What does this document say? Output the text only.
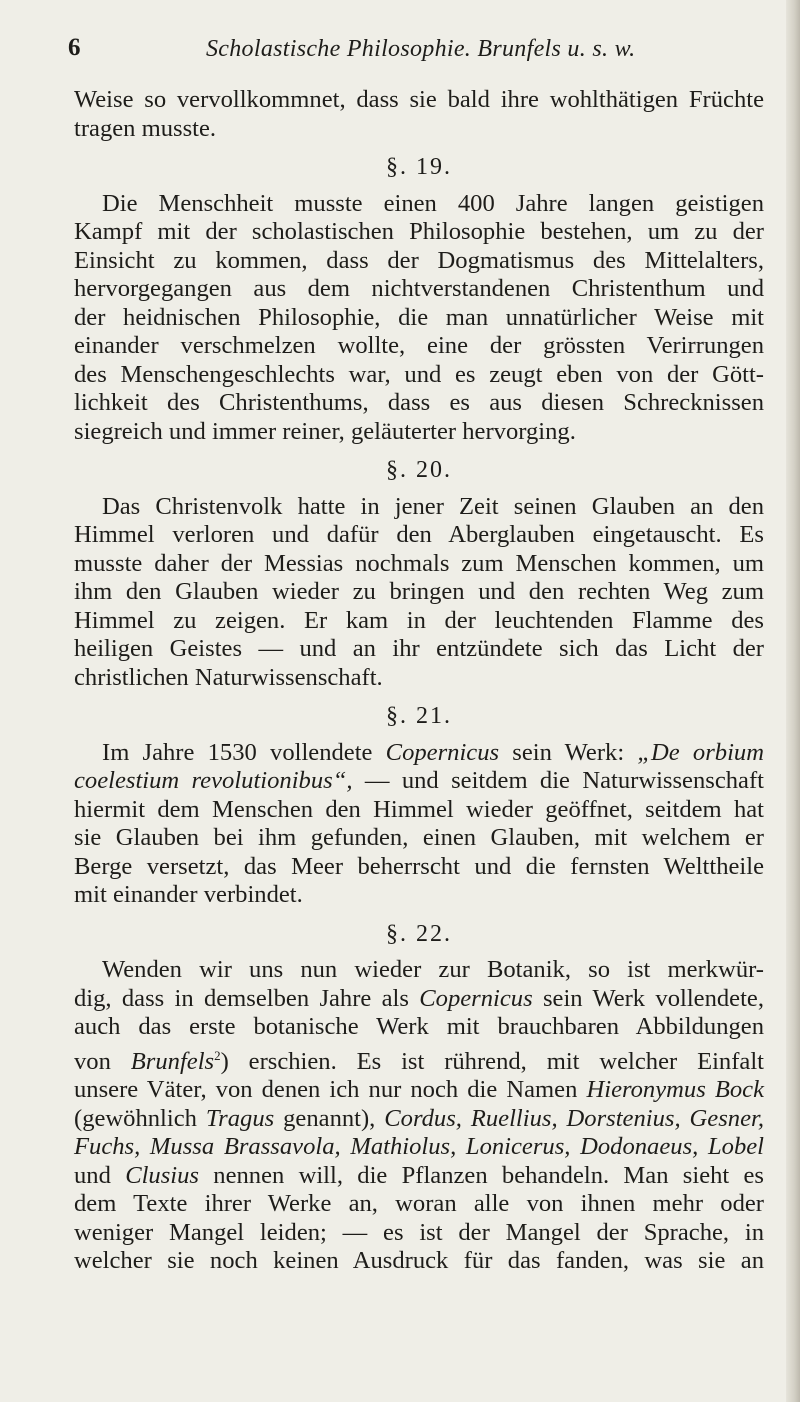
6	Scholastische Philosophie. Brunfels u. s. w.
Weise so vervollkommnet, dass sie bald ihre wohlthätigen Früchte
tragen musste.
§. 19.
Die Menschheit musste einen 400 Jahre langen geistigen
Kampf mit der scholastischen Philosophie bestehen, um zu der
Einsicht zu kommen, dass der Dogmatismus des Mittelalters,
hervorgegangen aus dem nichtverstandenen Christenthum und
der heidnischen Philosophie, die man unnatürlicher Weise mit
einander verschmelzen wollte, eine der grössten Verirrungen
des Menschengeschlechts war, und es zeugt eben von der Gött-
lichkeit des Christenthums, dass es aus diesen Schrecknissen
siegreich und immer reiner, geläuterter hervorging.
§. 20.
Das Christenvolk hatte in jener Zeit seinen Glauben an den
Himmel verloren und dafür den Aberglauben eingetauscht. Es
musste daher der Messias nochmals zum Menschen kommen, um
ihm den Glauben wieder zu bringen und den rechten Weg zum
Himmel zu zeigen. Er kam in der leuchtenden Flamme des
heiligen Geistes — und an ihr entzündete sich das Licht der
christlichen Naturwissenschaft.
§. 21.
Im Jahre 1530 vollendete Copernicus sein Werk: „De orbium
coelestium revolutionibus“, — und seitdem die Naturwissenschaft
hiermit dem Menschen den Himmel wieder geöffnet, seitdem hat
sie Glauben bei ihm gefunden, einen Glauben, mit welchem er
Berge versetzt, das Meer beherrscht und die fernsten Welttheile
mit einander verbindet.
§. 22.
Wenden wir uns nun wieder zur Botanik, so ist merkwür-
dig, dass in demselben Jahre als Copernicus sein Werk vollendete,
auch das erste botanische Werk mit brauchbaren Abbildungen
von Brunfels$^2$) erschien. Es ist rührend, mit welcher Einfalt
unsere Väter, von denen ich nur noch die Namen Hieronymus Bock
(gewöhnlich Tragus genannt), Cordus, Ruellius, Dorstenius, Gesner,
Fuchs, Mussa Brassavola, Mathiolus, Lonicerus, Dodonaeus, Lobel
und Clusius nennen will, die Pflanzen behandeln. Man sieht es
dem Texte ihrer Werke an, woran alle von ihnen mehr oder
weniger Mangel leiden; — es ist der Mangel der Sprache, in
welcher sie noch keinen Ausdruck für das fanden, was sie an
